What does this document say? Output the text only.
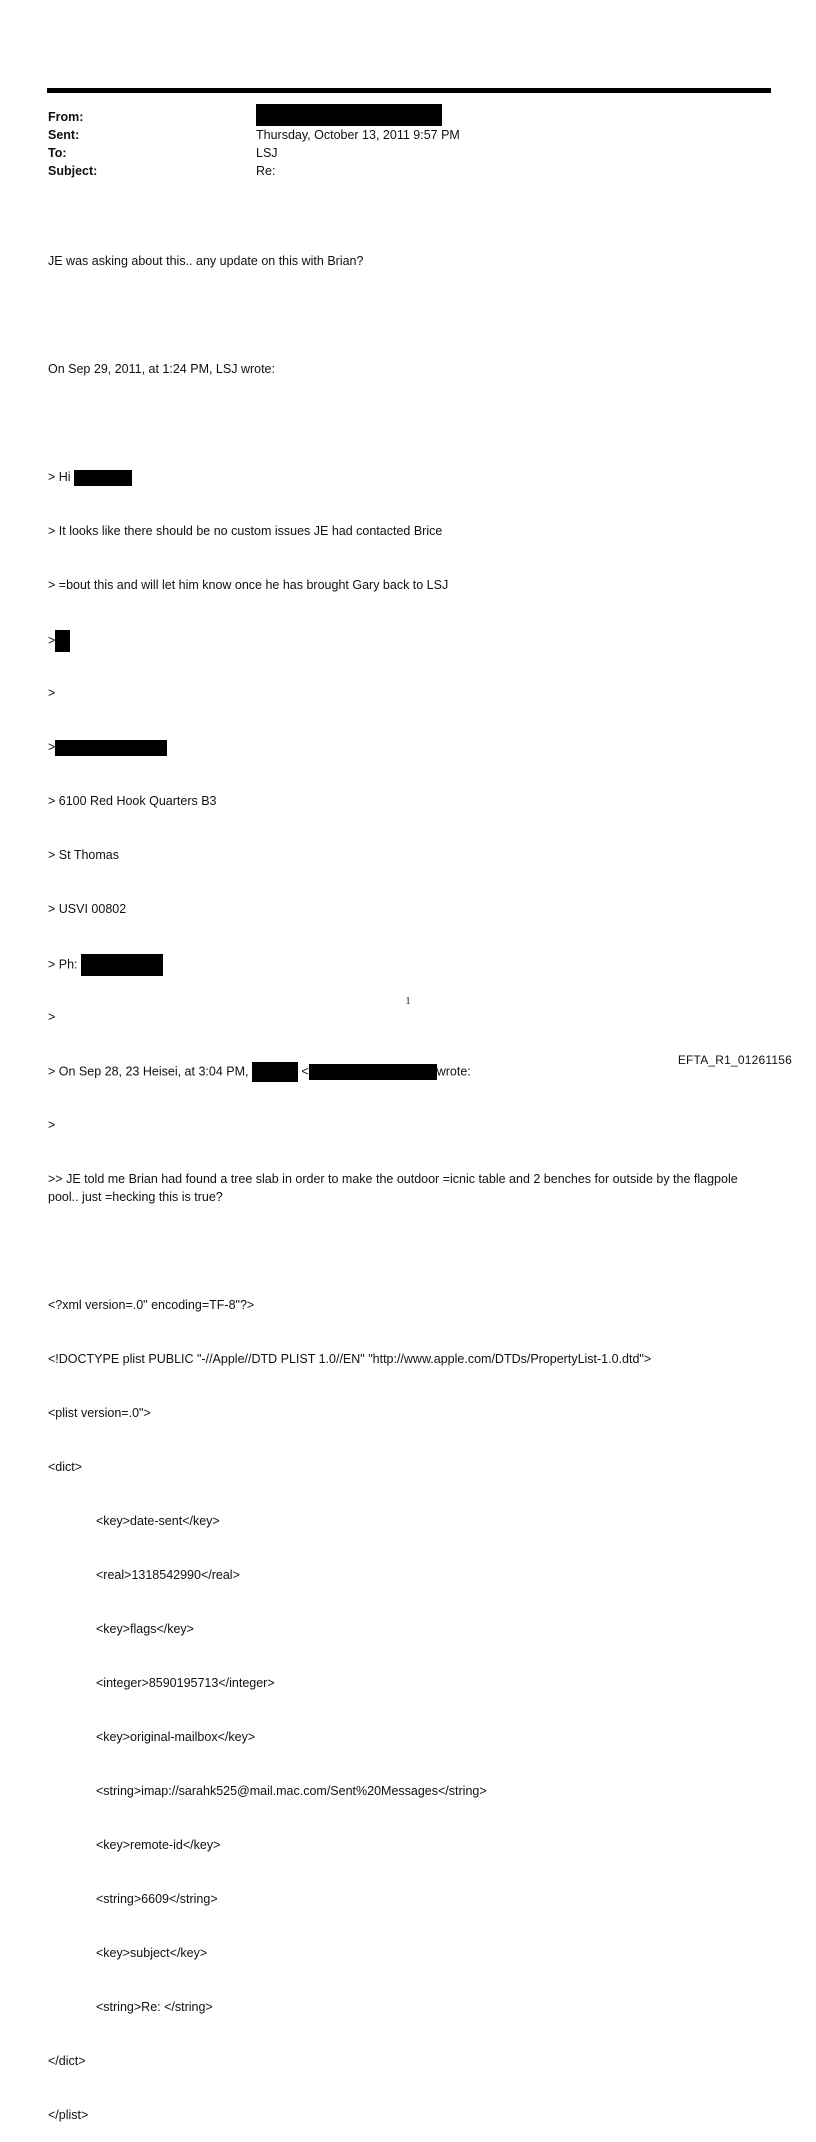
From:
Sent:	Thursday, October 13, 2011 9:57 PM
To:	LSJ
Subject:	Re:

JE was asking about this.. any update on this with Brian?

On Sep 29, 2011, at 1:24 PM, LSJ wrote:

> Hi

> It looks like there should be no custom issues JE had contacted Brice

> =bout this and will let him know once he has brought Gary back to LSJ

>

>

>

> 6100 Red Hook Quarters B3

> St Thomas

> USVI 00802

> Ph:

>

> On Sep 28, 23 Heisei, at 3:04 PM,	<	wrote:

>

>> JE told me Brian had found a tree slab in order to make the outdoor =icnic table and 2 benches for outside by the flagpole pool.. just =hecking this is true?

<?xml version=.0" encoding=TF-8"?>

<!DOCTYPE plist PUBLIC "-//Apple//DTD PLIST 1.0//EN" "http://www.apple.com/DTDs/PropertyList-1.0.dtd">

<plist version=.0">

<dict>

<key>date-sent</key>

<real>1318542990</real>

<key>flags</key>

<integer>8590195713</integer>

<key>original-mailbox</key>

<string>imap://sarahk525@mail.mac.com/Sent%20Messages</string>

<key>remote-id</key>

<string>6609</string>

<key>subject</key>

<string>Re: </string>

</dict>

</plist>

1
EFTA_R1_01261156
